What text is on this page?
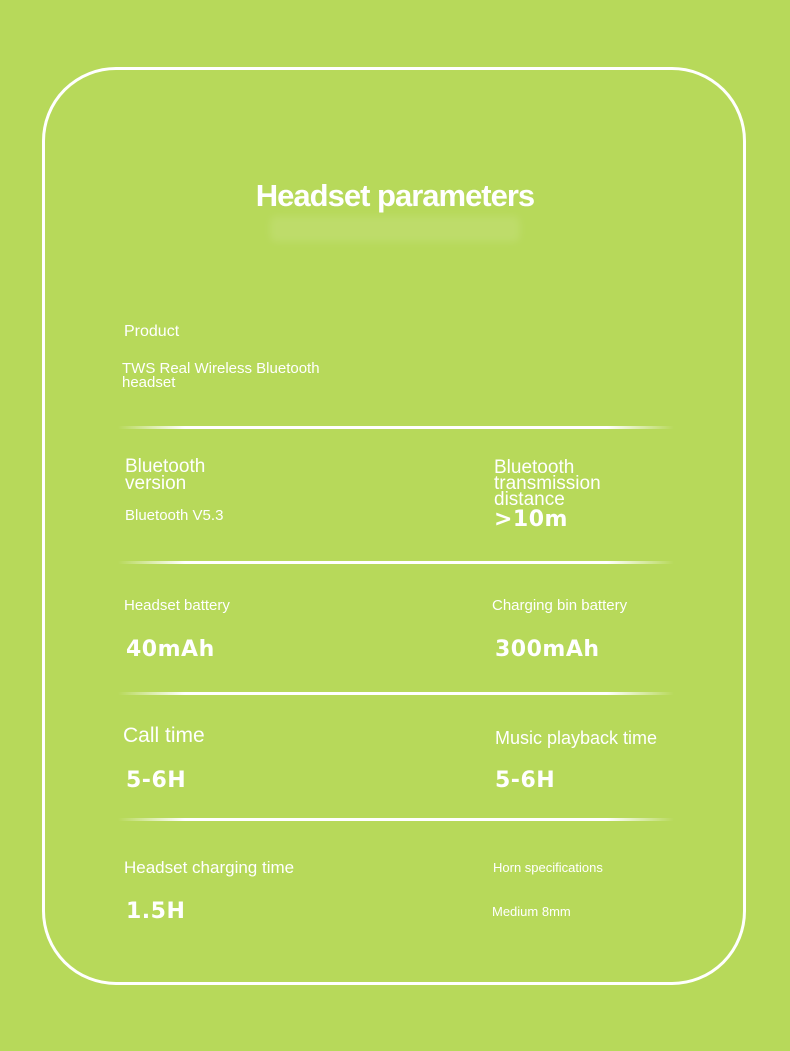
Headset parameters
Product
TWS Real Wireless Bluetooth
headset
Bluetooth
version
Bluetooth V5.3
Bluetooth
transmission
distance
>10m
Headset battery
40mAh
Charging bin battery
300mAh
Call time
5-6H
Music playback time
5-6H
Headset charging time
1.5H
Horn specifications
Medium 8mm
